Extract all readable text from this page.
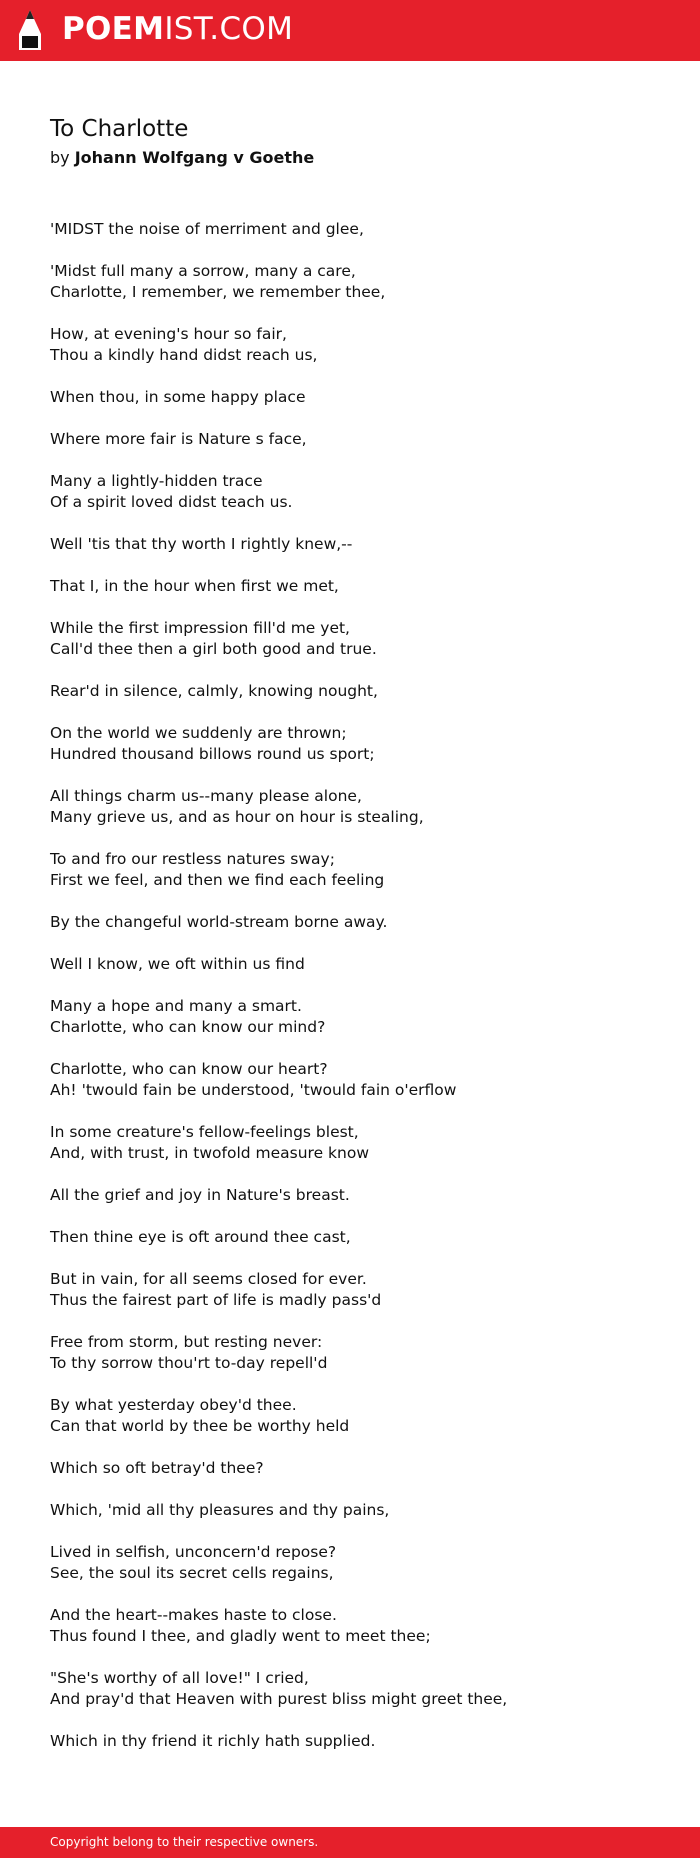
POEMIST.COM
To Charlotte
by Johann Wolfgang v Goethe
'MIDST the noise of merriment and glee,
'Midst full many a sorrow, many a care,
Charlotte, I remember, we remember thee,
How, at evening's hour so fair,
Thou a kindly hand didst reach us,
When thou, in some happy place
Where more fair is Nature s face,
Many a lightly-hidden trace
Of a spirit loved didst teach us.
Well 'tis that thy worth I rightly knew,--
That I, in the hour when first we met,
While the first impression fill'd me yet,
Call'd thee then a girl both good and true.
Rear'd in silence, calmly, knowing nought,
On the world we suddenly are thrown;
Hundred thousand billows round us sport;
All things charm us--many please alone,
Many grieve us, and as hour on hour is stealing,
To and fro our restless natures sway;
First we feel, and then we find each feeling
By the changeful world-stream borne away.
Well I know, we oft within us find
Many a hope and many a smart.
Charlotte, who can know our mind?
Charlotte, who can know our heart?
Ah! 'twould fain be understood, 'twould fain o'erflow
In some creature's fellow-feelings blest,
And, with trust, in twofold measure know
All the grief and joy in Nature's breast.
Then thine eye is oft around thee cast,
But in vain, for all seems closed for ever.
Thus the fairest part of life is madly pass'd
Free from storm, but resting never:
To thy sorrow thou'rt to-day repell'd
By what yesterday obey'd thee.
Can that world by thee be worthy held
Which so oft betray'd thee?
Which, 'mid all thy pleasures and thy pains,
Lived in selfish, unconcern'd repose?
See, the soul its secret cells regains,
And the heart--makes haste to close.
Thus found I thee, and gladly went to meet thee;
"She's worthy of all love!" I cried,
And pray'd that Heaven with purest bliss might greet thee,
Which in thy friend it richly hath supplied.
Copyright belong to their respective owners.
